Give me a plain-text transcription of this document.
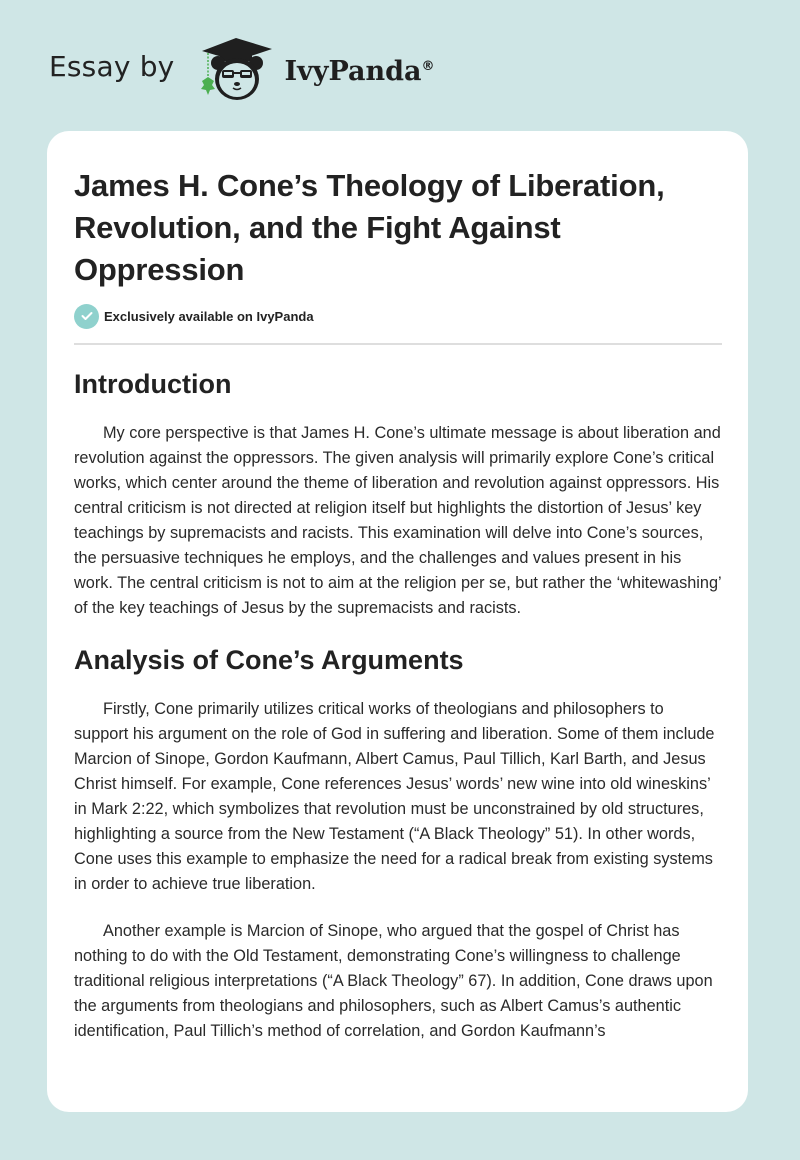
Essay by	IvyPanda®
James H. Cone’s Theology of Liberation, Revolution, and the Fight Against Oppression
Exclusively available on IvyPanda
Introduction

My core perspective is that James H. Cone’s ultimate message is about liberation and revolution against the oppressors. The given analysis will primarily explore Cone’s critical works, which center around the theme of liberation and revolution against oppressors. His central criticism is not directed at religion itself but highlights the distortion of Jesus’ key teachings by supremacists and racists. This examination will delve into Cone’s sources, the persuasive techniques he employs, and the challenges and values present in his work. The central criticism is not to aim at the religion per se, but rather the ‘whitewashing’ of the key teachings of Jesus by the supremacists and racists.

Analysis of Cone’s Arguments

Firstly, Cone primarily utilizes critical works of theologians and philosophers to support his argument on the role of God in suffering and liberation. Some of them include Marcion of Sinope, Gordon Kaufmann, Albert Camus, Paul Tillich, Karl Barth, and Jesus Christ himself. For example, Cone references Jesus’ words’ new wine into old wineskins’ in Mark 2:22, which symbolizes that revolution must be unconstrained by old structures, highlighting a source from the New Testament (“A Black Theology” 51). In other words, Cone uses this example to emphasize the need for a radical break from existing systems in order to achieve true liberation.

Another example is Marcion of Sinope, who argued that the gospel of Christ has nothing to do with the Old Testament, demonstrating Cone’s willingness to challenge traditional religious interpretations (“A Black Theology” 67). In addition, Cone draws upon the arguments from theologians and philosophers, such as Albert Camus’s authentic identification, Paul Tillich’s method of correlation, and Gordon Kaufmann’s
